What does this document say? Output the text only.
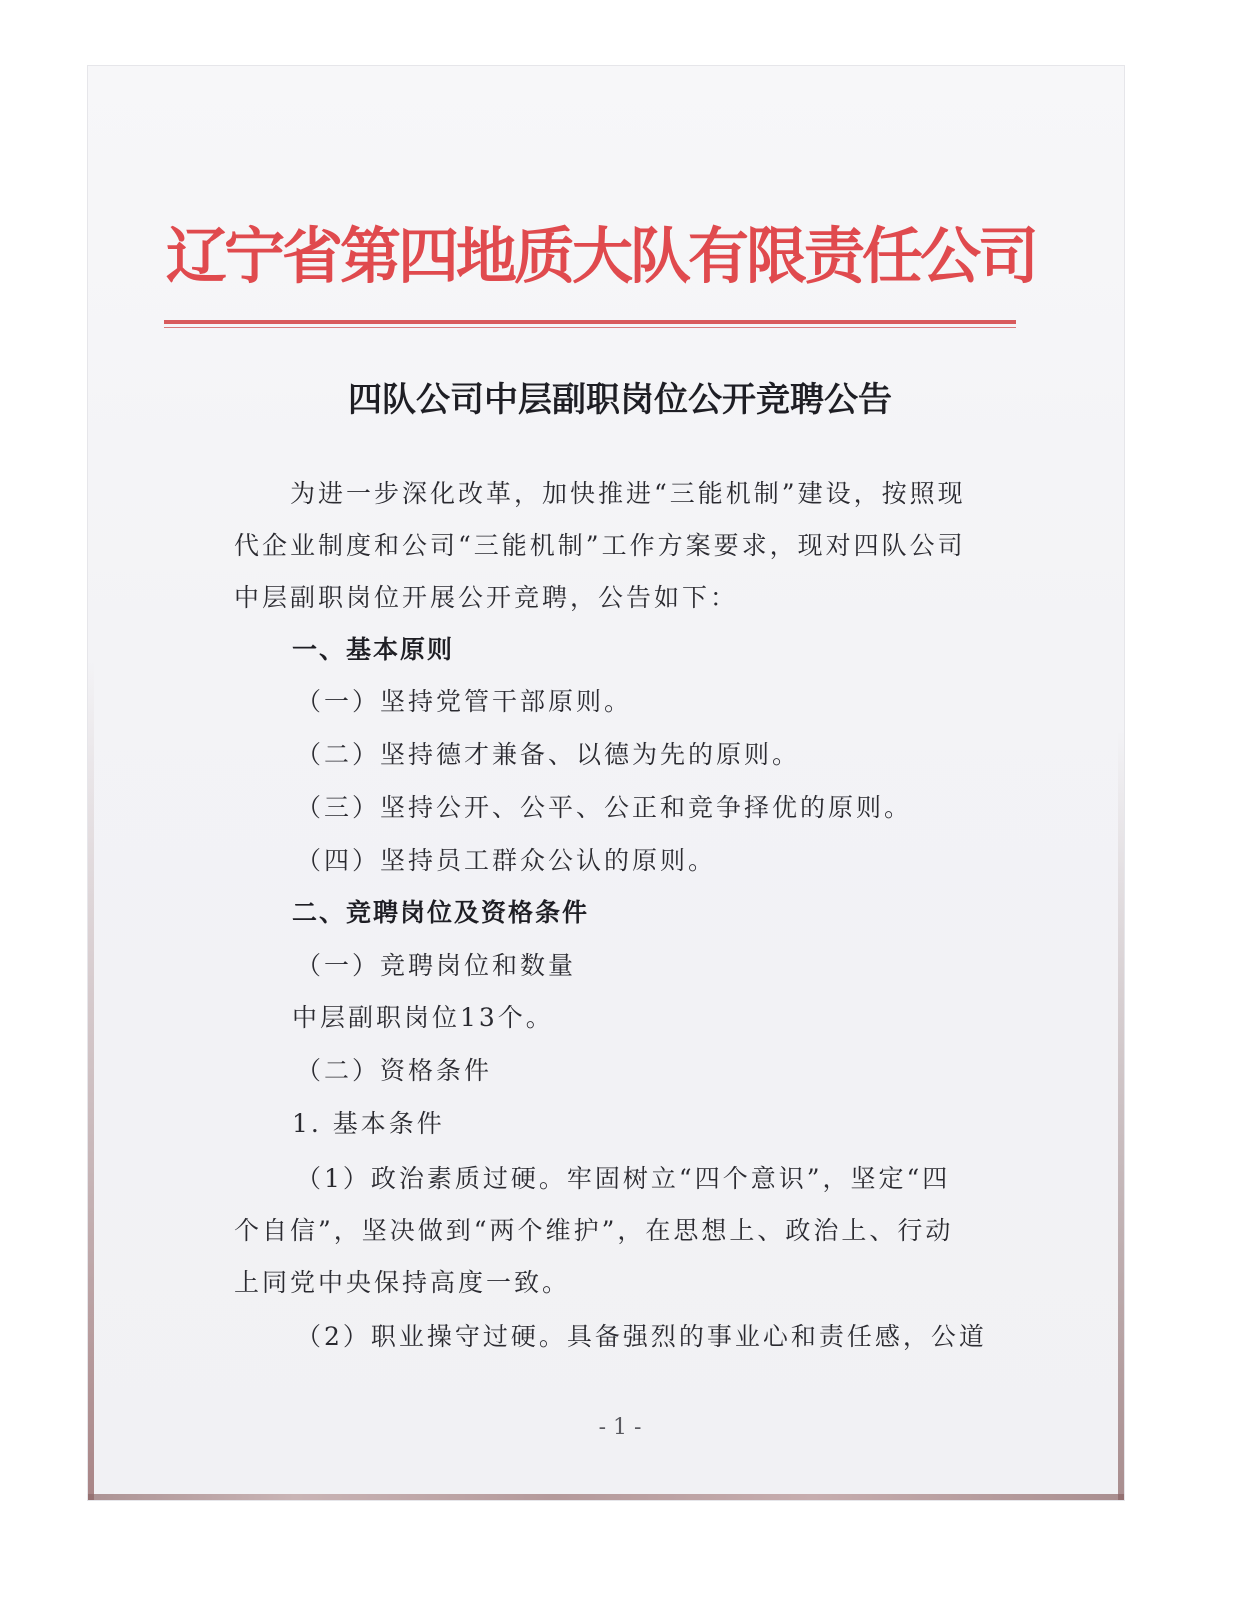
辽宁省第四地质大队有限责任公司
四队公司中层副职岗位公开竞聘公告
为进一步深化改革，加快推进“三能机制”建设，按照现
代企业制度和公司“三能机制”工作方案要求，现对四队公司
中层副职岗位开展公开竞聘，公告如下：
一、基本原则
（一）坚持党管干部原则。
（二）坚持德才兼备、以德为先的原则。
（三）坚持公开、公平、公正和竞争择优的原则。
（四）坚持员工群众公认的原则。
二、竞聘岗位及资格条件
（一）竞聘岗位和数量
中层副职岗位13个。
（二）资格条件
1. 基本条件
（1）政治素质过硬。牢固树立“四个意识”，坚定“四
个自信”，坚决做到“两个维护”，在思想上、政治上、行动
上同党中央保持高度一致。
（2）职业操守过硬。具备强烈的事业心和责任感，公道
- 1 -
